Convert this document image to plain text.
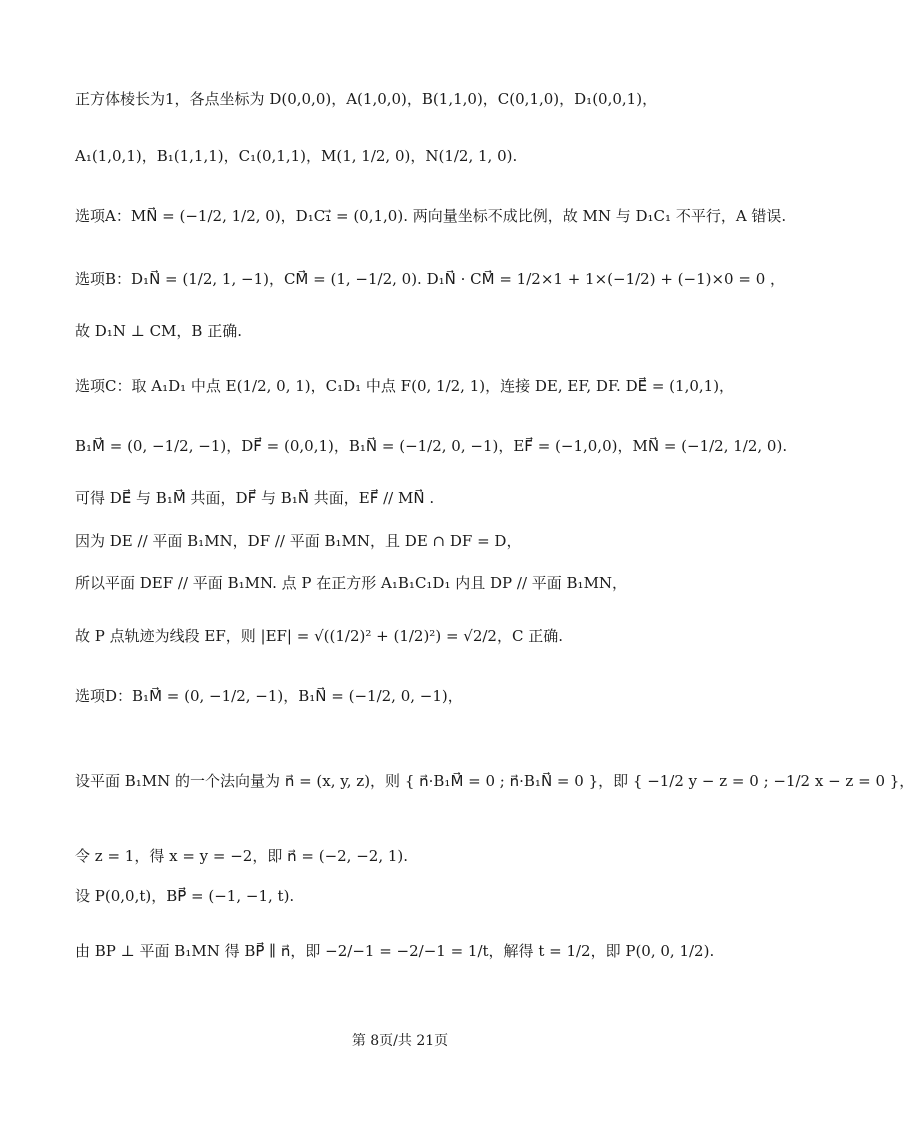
正方体棱长为1，各点坐标为 D(0,0,0)，A(1,0,0)，B(1,1,0)，C(0,1,0)，D₁(0,0,1)，
A₁(1,0,1)，B₁(1,1,1)，C₁(0,1,1)，M(1, 1/2, 0)，N(1/2, 1, 0).
选项A：MN⃗ = (−1/2, 1/2, 0)，D₁C₁⃗ = (0,1,0). 两向量坐标不成比例，故 MN 与 D₁C₁ 不平行，A 错误.
选项B：D₁N⃗ = (1/2, 1, −1)，CM⃗ = (1, −1/2, 0). D₁N⃗ · CM⃗ = 1/2×1 + 1×(−1/2) + (−1)×0 = 0 ，
故 D₁N ⊥ CM，B 正确.
选项C：取 A₁D₁ 中点 E(1/2, 0, 1)，C₁D₁ 中点 F(0, 1/2, 1)，连接 DE, EF, DF. DE⃗ = (1,0,1)，
B₁M⃗ = (0, −1/2, −1)，DF⃗ = (0,0,1)，B₁N⃗ = (−1/2, 0, −1)，EF⃗ = (−1,0,0)，MN⃗ = (−1/2, 1/2, 0).
可得 DE⃗ 与 B₁M⃗ 共面，DF⃗ 与 B₁N⃗ 共面，EF⃗ // MN⃗ .
因为 DE // 平面 B₁MN，DF // 平面 B₁MN，且 DE ∩ DF = D，
所以平面 DEF // 平面 B₁MN. 点 P 在正方形 A₁B₁C₁D₁ 内且 DP // 平面 B₁MN，
故 P 点轨迹为线段 EF，则 |EF| = √((1/2)² + (1/2)²) = √2/2，C 正确.
选项D：B₁M⃗ = (0, −1/2, −1)，B₁N⃗ = (−1/2, 0, −1)，
设平面 B₁MN 的一个法向量为 n⃗ = (x, y, z)，则 { n⃗·B₁M⃗ = 0 ; n⃗·B₁N⃗ = 0 }，即 { −1/2 y − z = 0 ; −1/2 x − z = 0 }，
令 z = 1，得 x = y = −2，即 n⃗ = (−2, −2, 1).
设 P(0,0,t)，BP⃗ = (−1, −1, t).
由 BP ⊥ 平面 B₁MN 得 BP⃗ ∥ n⃗，即 −2/−1 = −2/−1 = 1/t，解得 t = 1/2，即 P(0, 0, 1/2).
第 8页/共 21页
